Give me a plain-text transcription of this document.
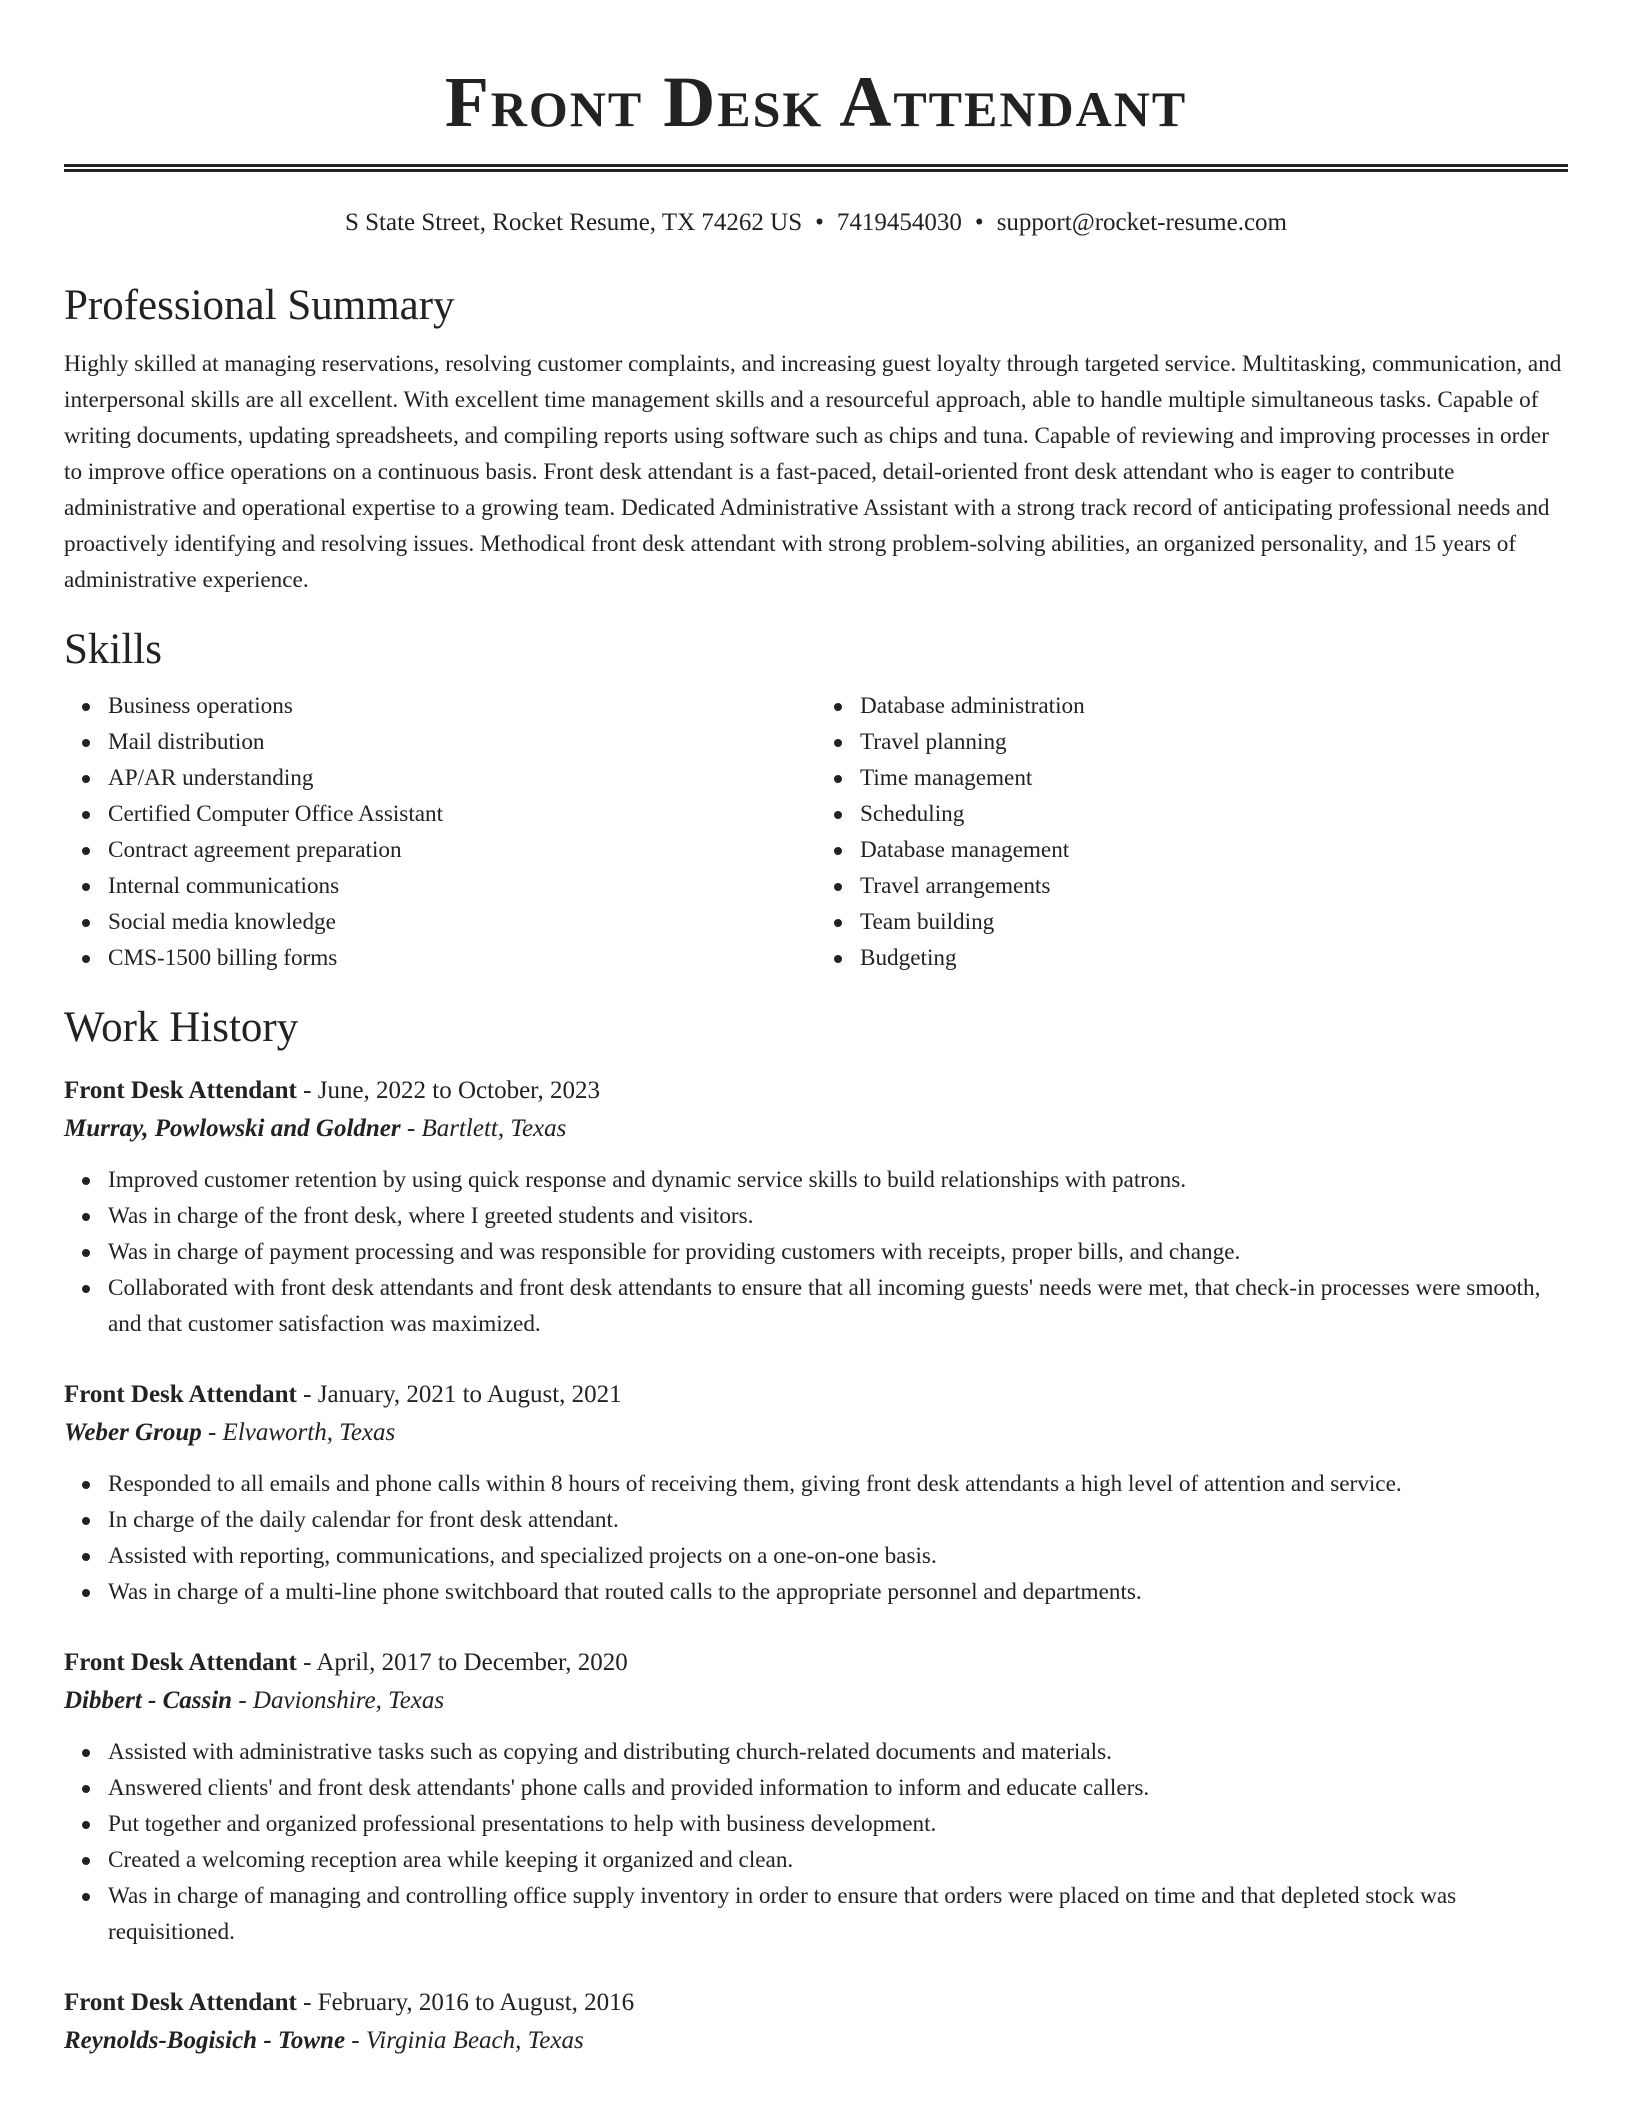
Front Desk Attendant
S State Street, Rocket Resume, TX 74262 US • 7419454030 • support@rocket-resume.com
Professional Summary

Highly skilled at managing reservations, resolving customer complaints, and increasing guest loyalty through targeted service. Multitasking, communication, and interpersonal skills are all excellent. With excellent time management skills and a resourceful approach, able to handle multiple simultaneous tasks. Capable of writing documents, updating spreadsheets, and compiling reports using software such as chips and tuna. Capable of reviewing and improving processes in order to improve office operations on a continuous basis. Front desk attendant is a fast-paced, detail-oriented front desk attendant who is eager to contribute administrative and operational expertise to a growing team. Dedicated Administrative Assistant with a strong track record of anticipating professional needs and proactively identifying and resolving issues. Methodical front desk attendant with strong problem-solving abilities, an organized personality, and 15 years of administrative experience.

Skills
Business operations
Mail distribution
AP/AR understanding
Certified Computer Office Assistant
Contract agreement preparation
Internal communications
Social media knowledge
CMS-1500 billing forms
Database administration
Travel planning
Time management
Scheduling
Database management
Travel arrangements
Team building
Budgeting
Work History
Front Desk Attendant - June, 2022 to October, 2023
Murray, Powlowski and Goldner - Bartlett, Texas
Improved customer retention by using quick response and dynamic service skills to build relationships with patrons.
Was in charge of the front desk, where I greeted students and visitors.
Was in charge of payment processing and was responsible for providing customers with receipts, proper bills, and change.
Collaborated with front desk attendants and front desk attendants to ensure that all incoming guests' needs were met, that check-in processes were smooth, and that customer satisfaction was maximized.
Front Desk Attendant - January, 2021 to August, 2021
Weber Group - Elvaworth, Texas
Responded to all emails and phone calls within 8 hours of receiving them, giving front desk attendants a high level of attention and service.
In charge of the daily calendar for front desk attendant.
Assisted with reporting, communications, and specialized projects on a one-on-one basis.
Was in charge of a multi-line phone switchboard that routed calls to the appropriate personnel and departments.
Front Desk Attendant - April, 2017 to December, 2020
Dibbert - Cassin - Davionshire, Texas
Assisted with administrative tasks such as copying and distributing church-related documents and materials.
Answered clients' and front desk attendants' phone calls and provided information to inform and educate callers.
Put together and organized professional presentations to help with business development.
Created a welcoming reception area while keeping it organized and clean.
Was in charge of managing and controlling office supply inventory in order to ensure that orders were placed on time and that depleted stock was requisitioned.
Front Desk Attendant - February, 2016 to August, 2016
Reynolds-Bogisich - Towne - Virginia Beach, Texas
